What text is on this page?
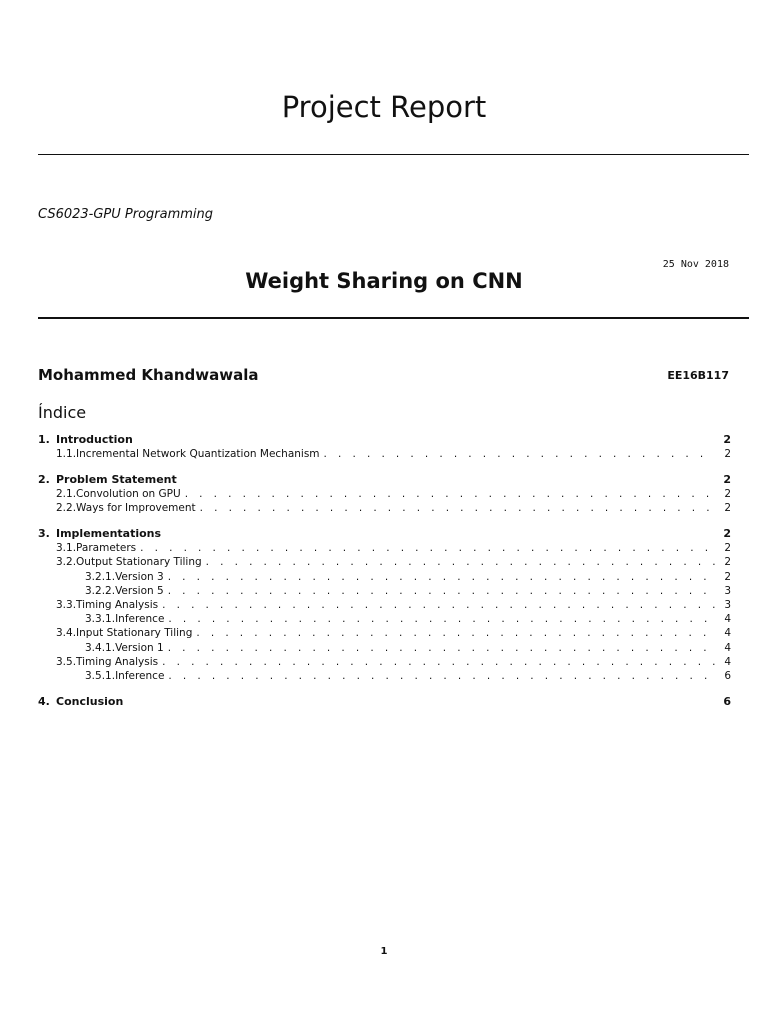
Project Report
CS6023-GPU Programming
25 Nov 2018
Weight Sharing on CNN
Mohammed Khandwawala	EE16B117
Índice
1. Introduction	2
1.1. Incremental Network Quantization Mechanism . . .	2
2. Problem Statement	2
2.1. Convolution on GPU . . .	2
2.2. Ways for Improvement . . .	2
3. Implementations	2
3.1. Parameters . . .	2
3.2. Output Stationary Tiling . . .	2
3.2.1. Version 3 . . .	2
3.2.2. Version 5 . . .	3
3.3. Timing Analysis . . .	3
3.3.1. Inference . . .	4
3.4. Input Stationary Tiling . . .	4
3.4.1. Version 1 . . .	4
3.5. Timing Analysis . . .	4
3.5.1. Inference . . .	6
4. Conclusion	6
1
